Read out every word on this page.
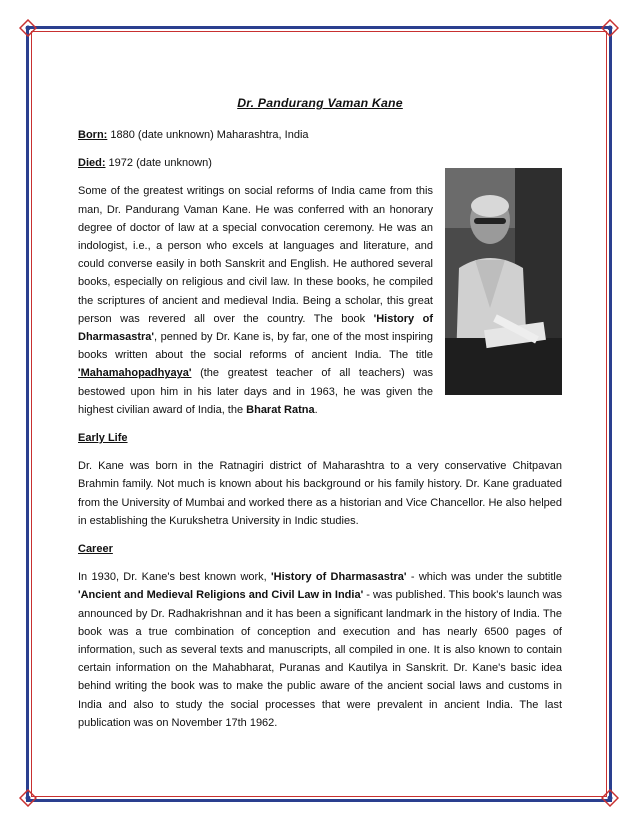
Dr. Pandurang Vaman Kane

Born: 1880 (date unknown) Maharashtra, India

Died: 1972 (date unknown)

Some of the greatest writings on social reforms of India came from this man, Dr. Pandurang Vaman Kane. He was conferred with an honorary degree of doctor of law at a special convocation ceremony. He was an indologist, i.e., a person who excels at languages and literature, and could converse easily in both Sanskrit and English. He authored several books, especially on religious and civil law. In these books, he compiled the scriptures of ancient and medieval India. Being a scholar, this great person was revered all over the country. The book 'History of Dharmasastra', penned by Dr. Kane is, by far, one of the most inspiring books written about the social reforms of ancient India. The title 'Mahamahopadhyaya' (the greatest teacher of all teachers) was bestowed upon him in his later days and in 1963, he was given the highest civilian award of India, the Bharat Ratna.

Early Life

Dr. Kane was born in the Ratnagiri district of Maharashtra to a very conservative Chitpavan Brahmin family. Not much is known about his background or his family history. Dr. Kane graduated from the University of Mumbai and worked there as a historian and Vice Chancellor. He also helped in establishing the Kurukshetra University in Indic studies.

Career

In 1930, Dr. Kane's best known work, 'History of Dharmasastra' - which was under the subtitle 'Ancient and Medieval Religions and Civil Law in India' - was published. This book's launch was announced by Dr. Radhakrishnan and it has been a significant landmark in the history of India. The book was a true combination of conception and execution and has nearly 6500 pages of information, such as several texts and manuscripts, all compiled in one. It is also known to contain certain information on the Mahabharat, Puranas and Kautilya in Sanskrit. Dr. Kane's basic idea behind writing the book was to make the public aware of the ancient social laws and customs in India and also to study the social processes that were prevalent in ancient India. The last publication was on November 17th 1962.
